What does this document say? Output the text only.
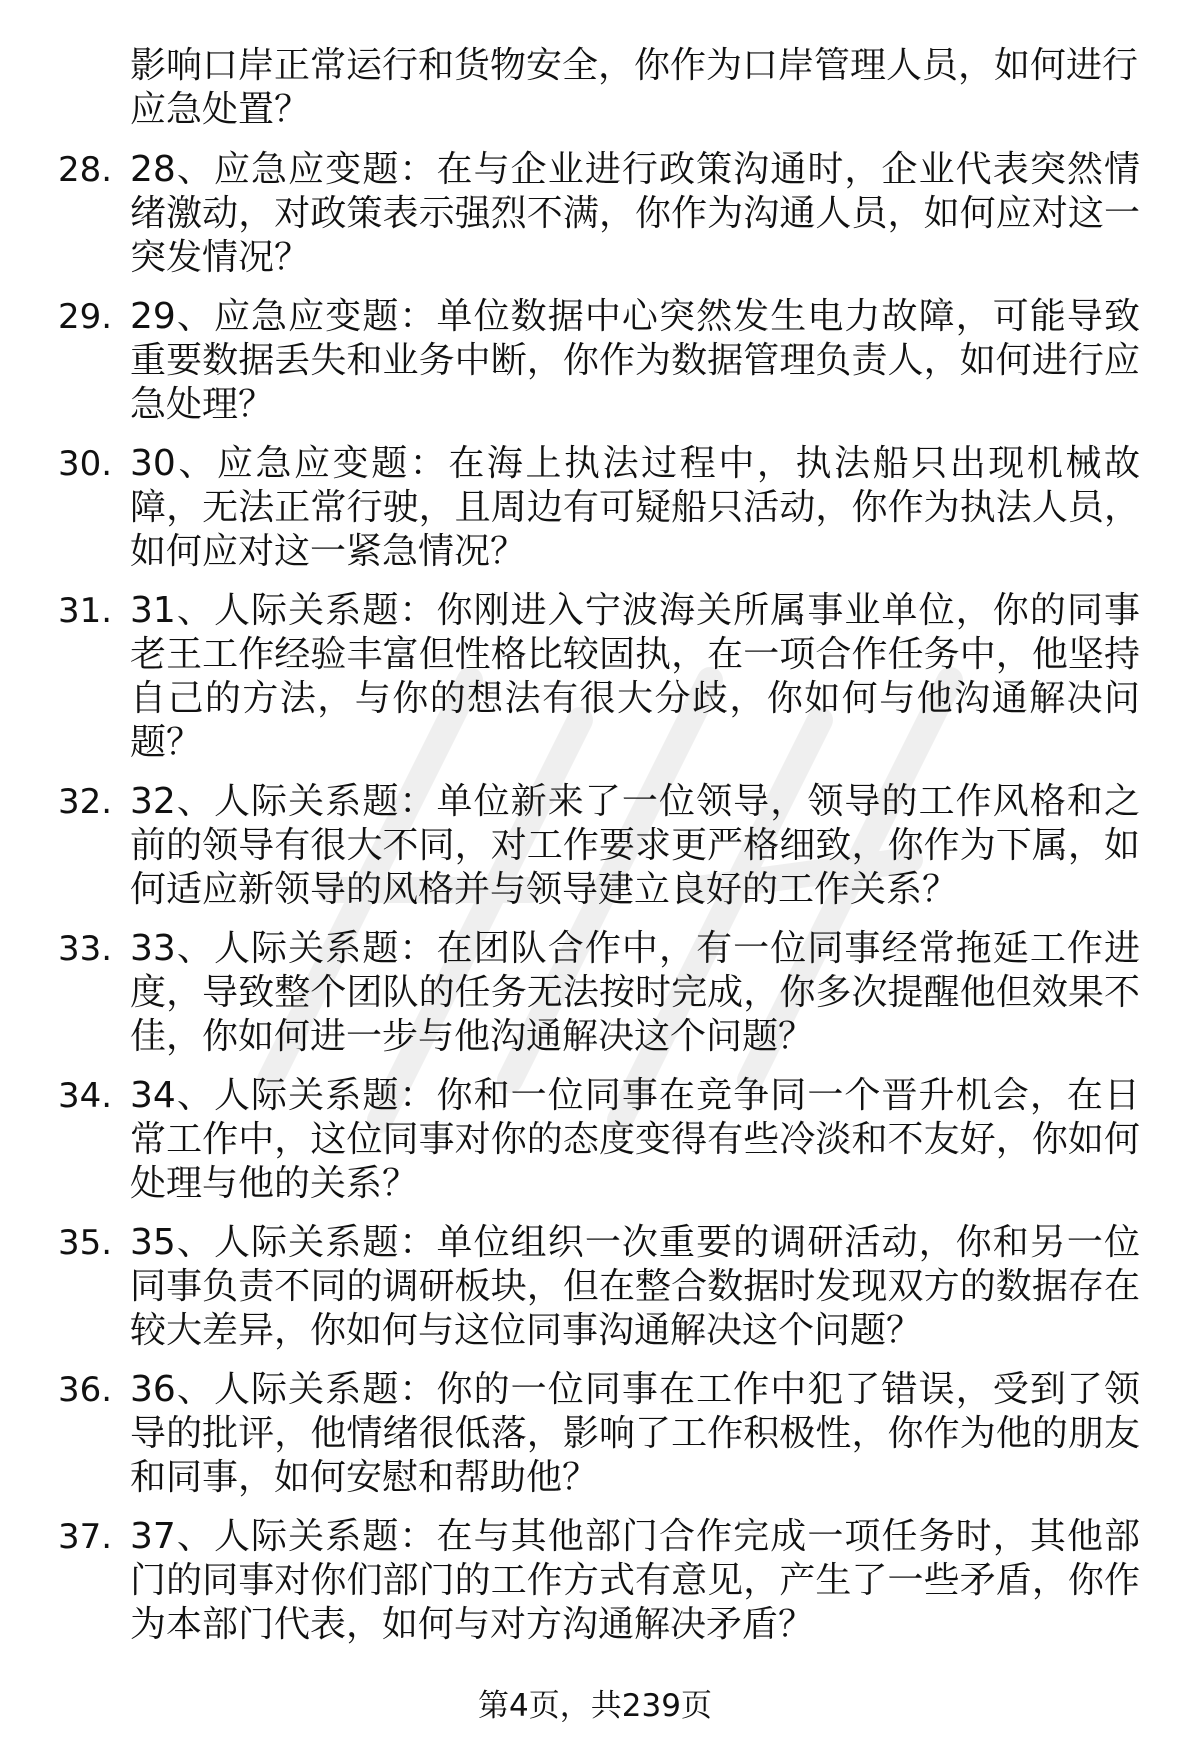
影响口岸正常运行和货物安全，你作为口岸管理人员，如何进行应急处置？
28. 28、应急应变题：在与企业进行政策沟通时，企业代表突然情绪激动，对政策表示强烈不满，你作为沟通人员，如何应对这一突发情况？
29. 29、应急应变题：单位数据中心突然发生电力故障，可能导致重要数据丢失和业务中断，你作为数据管理负责人，如何进行应急处理？
30. 30、应急应变题：在海上执法过程中，执法船只出现机械故障，无法正常行驶，且周边有可疑船只活动，你作为执法人员，如何应对这一紧急情况？
31. 31、人际关系题：你刚进入宁波海关所属事业单位，你的同事老王工作经验丰富但性格比较固执，在一项合作任务中，他坚持自己的方法，与你的想法有很大分歧，你如何与他沟通解决问题？
32. 32、人际关系题：单位新来了一位领导，领导的工作风格和之前的领导有很大不同，对工作要求更严格细致，你作为下属，如何适应新领导的风格并与领导建立良好的工作关系？
33. 33、人际关系题：在团队合作中，有一位同事经常拖延工作进度，导致整个团队的任务无法按时完成，你多次提醒他但效果不佳，你如何进一步与他沟通解决这个问题？
34. 34、人际关系题：你和一位同事在竞争同一个晋升机会，在日常工作中，这位同事对你的态度变得有些冷淡和不友好，你如何处理与他的关系？
35. 35、人际关系题：单位组织一次重要的调研活动，你和另一位同事负责不同的调研板块，但在整合数据时发现双方的数据存在较大差异，你如何与这位同事沟通解决这个问题？
36. 36、人际关系题：你的一位同事在工作中犯了错误，受到了领导的批评，他情绪很低落，影响了工作积极性，你作为他的朋友和同事，如何安慰和帮助他？
37. 37、人际关系题：在与其他部门合作完成一项任务时，其他部门的同事对你们部门的工作方式有意见，产生了一些矛盾，你作为本部门代表，如何与对方沟通解决矛盾？
第4页，共239页
